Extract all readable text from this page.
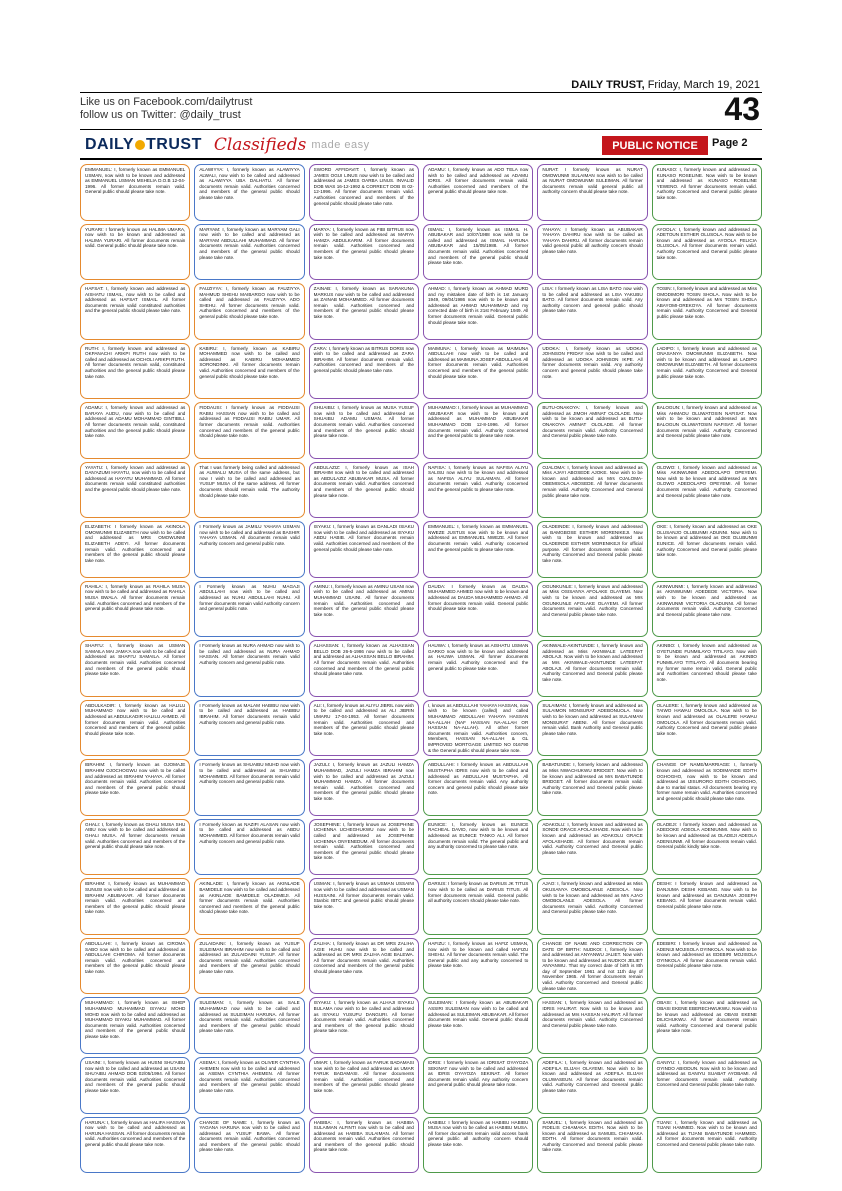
DAILY TRUST, Friday, March 19, 2021
Like us on Facebook.com/dailytrust
follow us on Twitter: @daily_trust	43
DAILY TRUST Classifieds made easy	PUBLIC NOTICE	Page 2
EMMANUEL: I, formerly known as EMMANUEL USMAN, now wish to be known and addressed as EMMANUEL USMAN MSHELIA D.O.B 12-04-1996. All former documents remain valid. General public should please take note.
YURARI: I formerly known as HALIMA UMARA, now wish to be known and addressed as HALIMA YURARI. All former documents remain valid. General public should please take note.
HAFSAT: I, formerly known and addressed as AISHATU ISMAIL, now wish to be called and addressed as HAFSAT ISMAIL. All former documents remain valid constituted authorities and the general public should please take note.
RUTH: I, formerly known and addressed as OKPANACHI ARIKPI RUTH now wish to be called and addressed as OCHOLI ARIKPI RUTH. All former documents remain valid, constituted authorities and the general public should please take note.
ADAMU: I, formerly known and addressed as BARAYA AUDU, now wish to be called and addressed as ADAMU MOHAMMAD GINTIBILI. All former documents remain valid, constituted authorities and the general public should please take note.
YAYATU: I, formerly known and addressed as DAN'AZUMI HAYATU, now wish to be called and addressed as HAYATU MUHAMMAD. All former documents remain valid constituted authorities and the general public should please take note.
ELIZABETH: I formerly known as AKINOLA OMOWUNMI ELIZABETH now wish to be called and addressed as MRS OMOWUNMI ELIZABETH ADEYI. All former documents remain valid. Authorities concerned and members of the general public should please take note.
RAHILA: I, formerly known as RAHILA MUSA now wish to be called and addressed as RAHILA MUSA BWALA. All former documents remain valid. Authorities concerned and members of the general public should please take note.
SHAFI'U: I, formerly known as USMAN SAMAILA MAI JAMA'A now wish to be called and addressed as SHAFI'U SAMAILA. All former documents remain valid. Authorities concerned and members of the general public should please take note.
ABDULKADIR: I, formerly known as HALILU MUHAMMAD now wish to be called and addressed as ABDULKADIR HALILU AHMED. All former documents remain valid. Authorities concerned and members of the general public should please take note.
IBRAHIM: I, formerly known as OJOMAJE IBRAHIM OJOCHOGWU now wish to be called and addressed as IBRAHIM YAHAYA. All former documents remain valid. Authorities concerned and members of the general public should please take note.
GHALI: I, formerly known as GHALI MUSA SHU AIBU now wish to be called and addressed as GHALI MUSA. All former documents remain valid. Authorities concerned and members of the general public should please take note.
IBRAHIM: I, formerly known as MUHAMMAD SUNUSI now wish to be called and addressed as IBRAHIM ABUBAKAR. All former documents remain valid. Authorities concerned and members of the general public should please take note.
ABDULLAHI: I, formerly known as CIROMA SABO now wish to be called and addressed as ABDULLAHI CHIROMA. All former documents remain valid. Authorities concerned and members of the general public should please take note.
MUHAMMAD: I, formerly known as ISHEP MUHAMMAD MUHAMMAD ISYAKU MOHD MOHD now wish to be called and addressed as MUHAMMAD ISYAKU MUHAMMAD. All former documents remain valid. Authorities concerned and members of the general public should please take note.
USAINI: I, formerly known as HUSNI SHU'AIBU now wish to be called and addressed as USAINI SHU'AIBU AHMAD DOB 02/05/1994. All former documents remain valid. Authorities concerned and members of the general public should please take note.
HARUNA: I, formerly known as HALIFA HASSAN now wish to be called and addressed as HARUNA HASSAN. All former documents remain valid. Authorities concerned and members of the general public should please take note.
ALAWIYYA: I, formerly known as ALAWIYYA ALWALI, now wish to be called and addressed as ALAWIYYA UBA DALHATU. All former documents remain valid. Authorities concerned and members of the general public should please take note.
MARYAM: I, formerly known as MARYAM GALI now wish to be called and addressed as MARYAM ABDULLAHI MUHAMMAD. All former documents remain valid. Authorities concerned and members of the general public should please take note.
FAUZIYYA: I, formerly known as FAUZIYYA MAHMUD SHEHU MAIBARGO now wish to be called and addressed as FAUZIYYA ADO SHEHU. All former documents remain valid. Authorities concerned and members of the general public should please take note.
KABIRU: I, formerly known as KABIRU MOHAMMED now wish to be called and addressed as KABIRU MOHAMMED SORONDINKI. All former documents remain valid. Authorities concerned and members of the general public should please take note.
FIDDAUSI: I formerly known as FIDDAUSI RABIU HASSAN now wish to be called and addressed as FIDDAUSI RABIU UMAR. All former documents remain valid. Authorities concerned and members of the general public should please take note.
That I was formerly being called and addressed as AUWALU MUSA of the same address, but now I wish to be called and addressed as YUSUF MUSA of the same address. All former documents should remain valid. The authority should please take note.
I Formerly known as JAMILU YAHAYA USMAN now wish to be called and addressed as BASHIR YAHAYA USMAN. All documents remain valid Authority concern and general public note.
I Formerly known as NUHU MAGAJI ABDULLAHI now wish to be called and addressed as NUHU ABDULLAHI NUHU. All former documents remain valid Authority concern and general public note.
I Formerly known as NURA AHMAD now wish to be called and addressed as NURA AHMAD HASSAN. All former documents remain valid Authority concern and general public note.
I Formerly known as MALAM HABIBU now wish to be called and addressed as HABIBU IBRAHIM. All former documents remain valid Authority concern and general public note.
I Formerly known as SHUAIBU MUHD now wish to be called and addressed as SHUAIBU MOHAMMED. All former documents remain valid Authority concern and general public note.
I Formerly known as NAZIFI ALASAN now wish to be called and addressed as ABDU MOHAMMED. All former documents remain valid Authority concern and general public note.
AKINLADE: I, formerly known as AKINLADE BAMIDELE now wish to be called and addressed as AKINLADE BAMIDELE OLADIMEJI. All former documents remain valid. Authorities concerned and members of the general public should please take note.
ZULAIDAINI: I, formerly known as YUSUF SULEIMAN IBRAHIM now wish to be called and addressed as ZULAIDAINI YUSUF. All former documents remain valid. Authorities concerned and members of the general public should please take note.
SULEIMAN: I, formerly known as SALE MUHAMMAD now wish to be called and addressed as SULEIMAN HARUNA. All former documents remain valid. Authorities concerned and members of the general public should please take note.
ASEMA: I, formerly known as OLIVER CYNTHIA AHEMEN now wish to be called and addressed as ASEMA CYNTHIA AHEMEN. All former documents remain valid. Authorities concerned and members of the general public should please take note.
CHANGE OF NAME: I, formerly known as YAGANA HARUNA now wish to be called and addressed as YUSUF BAWA. All former documents remain valid. Authorities concerned and members of the general public should please take note.
SWORD AFFIDAVIT: I, formerly known as JAMES OGUI LINUS now wish to be called and addressed as JAMES OARBA LINUS. INVALID DOB WAS 16-12-1992 & CORRECT DOB IS 02-12-1996. All former documents remain valid. Authorities concerned and members of the general public should please take note.
MARYA: I, formerly known as FIBI BITRUS now wish to be called and addressed as MARYA HAMZA ABDULKARIM. All former documents remain valid. Authorities concerned and members of the general public should please take note.
ZAINAB: I, formerly known as SARAKUNA MARKUS now wish to be called and addressed as ZAINAB MOHAMMED. All former documents remain valid. Authorities concerned and members of the general public should please take note.
ZARA: I, formerly known as BITRUS DORIS now wish to be called and addressed as ZARA IBRAHIM. All former documents remain valid. Authorities concerned and members of the general public should please take note.
SHUAIBU: I, formerly known as MUSA YUSUF now wish to be called and addressed as SHUAIBU ADAMU USMAN. All former documents remain valid. Authorities concerned and members of the general public should please take note.
ABDULAZIZ: I, formerly known as ISAH IBRAHIM now wish to be called and addressed as ABDULAZIZ ABUBAKAR MUSA. All former documents remain valid. Authorities concerned and members of the general public should please take note.
ISYAKU: I, formerly known as DANLADI ISIAKU now wish to be called and addressed as ISYAKU ABDU HABIB. All former documents remain valid. Authorities concerned and members of the general public should please take note.
AMINU: I, formerly known as AMINU USANI now wish to be called and addressed as AMINU MUHAMMAD USAINI. All former documents remain valid. Authorities concerned and members of the general public should please take note.
ALHASSAN: I, formerly known as ALHASSAN BELLO DOB 26-5-1986 now wish to be called and addressed as ALHASSAN BELLO IBRAHIM. All former documents remain valid. Authorities concerned and members of the general public should please take note.
ALI: I, formerly known as ALIYU JIBRIL now wish to be called and addressed as ALI JIBRIN UMARU 17-04-1953. All former documents remain valid. Authorities concerned and members of the general public should please take note.
JAZULI: I, formerly known as JAZULI HAMZA MUHAMMAD, JAZULI HAMZA IBRAHIM now wish to be called and addressed as JAZULI MUHAMMAD HAMZA. All former documents remain valid. Authorities concerned and members of the general public should please take note.
JOSEPHINE: I, formerly known as JOSEPHINE UCHENNA UCHEGHUKWU now wish to be called and addressed as JOSEPHINE UCHENNA ONYENEDUM. All former documents remain valid. Authorities concerned and members of the general public should please take note.
USMAN: I, formerly known as USMAN USSAINI now wish to be called and addressed as USMAN HUSSAINI. All former documents remain valid. Stanbic IBTC and general public should please take note.
ZALIHA: I, formerly known as DR MRS ZALIHA AGIE HUHU now wish to be called and addressed as DR MRS ZALIHA AGIE BALEWA. All former documents remain valid. Authorities concerned and members of the general public should please take note.
ISYAKU: I, formerly known as ALHAJI ISYAKU BULAMA now wish to be called and addressed as ISYAKU YUSUFU DANGURI. All former documents remain valid. Authorities concerned and members of the general public should please take note.
UMAR: I, formerly known as FARUK BADAMASI now wish to be called and addressed as UMAR FARUK BADAMASI. All former documents remain valid. Authorities concerned and members of the general public should please take note.
HABIBA: I, formerly known as HABIBA SULAIMAN ALFINTI now wish to be called and addressed as HABIBA SULAIMAN. All former documents remain valid. Authorities concerned and members of the general public should please take note.
ADAMU: I, formerly known as ADO TELA now wish to be called and addressed as ADAMU IDRIS. All former documents remain valid. Authorities concerned and members of the general public should please take note.
ISMAIL: I, formerly known as ISMAIL H. ABUBAKAR and 10/07/1988 now wish to be called and addressed as ISMAIL HARUNA ABUBAKAR and 15/05/1988. All former documents remain valid. Authorities concerned and members of the general public should please take note.
AHMAD: I, formerly known as AHMAD MURD and my mistaken date of birth is 1st January 1949, 09/04/1986 now wish to be known and addressed as AHMAD MUHAMMAD and my corrected date of birth is 21st February 1949. All former documents remain valid. General public should please take note.
MAIMUNA: I, formerly known as MAIMUNA ABDULLAHI now wish to be called and addressed as MAIMUNA JOSEF ABDULLAHI. All former documents remain valid. Authorities concerned and members of the general public should please take note.
MUHAMMAD: I, formerly known as MUHAMMAD ABUBAKAR now wish to be known and addressed as MUHAMMAD ABUBAKAR MUHAMMAD DOB 12-8-1996. All former documents remain valid. Authority concerned and the general public to please take note.
NAFISA: I, formerly known as NAFISA ALIYU SALISU now wish to be known and addressed as NAFISA ALIYU SULAIMAN. All former documents remain valid. Authority concerned and the general public to please take note.
EMMANUEL: I, formerly known as EMMANUEL NWEZE JUSTUS now wish to be known and addressed as EMMANUEL NWEZE. All former documents remain valid. Authority concerned and the general public to please take note.
DAUDA: I formerly known as DAUDA MUHAMMED AHMED now wish to be known and addressed as DAUDA MUHAMMED AHMAD. All former documents remain valid. General public should please take note.
HAUWA: I, formerly known as AISHATU USMAN GARKO now wish to be known and addressed as HAUWA USMAN. All former documents remain valid. Authority concerned and the general public to please take note.
I, known as ABDULLAHI YAHAYA HASSAN, now wish to be known (called) and called MUHAMMAD ABDULLAHI YAHAYA HASSAN NA-ALLAH (NAF HASSAN NA-ALLAH OR HASSAN NA-ALLAH). All other former documents remain valid. Authorities concern, Members, HASSAN NA-ALLAH & GL IMPROVED MORTGAGE LIMITED NO 016790 & the General public should please take note.
ABDULLAHI: I formerly known as ABDULLAHI MUSTAPHA IDRIS now wish to be called and addressed as ABDULLAHI MUSTAPHA. All former documents remain valid. Any authority concern and general public should please take note.
EUNICE: I, formerly known as EUNICE RACHEAL DAVID, now wish to be known and addressed as EUNICE TANKO ALI. All former documents remain valid. The general public and any authority concerned to please take note.
DARIUS: I formerly known as DARIUS JK TITUS now wish to be called as DARIUS TITUS. All former documents remain valid. General public all authority concern should please take note.
HAFIZU: I, formerly known as HAFIZ USMAN, now wish to be known and called HAFIZU SHEHU. All former documents remain valid. The General public and any authority concerned to please take note.
SULEIMAN: I formerly known as ABUBAKAR ASSIRI SULEIMAN now wish to be called and addressed as SULEIMAN ABUBAKAR. All former documents remain valid. General public should please take note.
IDRIS: I formerly known as IDRISAT OYAYOZA SEKINAT now wish to be called and addressed as IDRIS OYAYOZA SEKINAT. All former documents remain valid. Any authority concern and general public should please take note.
HABIBU: I formerly known as HABIBU HABIBU MUSA now wish to be called as HABIBU MUSA. All former documents remain valid access bank general public all authority concern should please take note.
NURAT: I formerly known as NURAT OMOWUNMI SULAIMAN now wish to be called as NURAT OMOWUNMI SULEIMAN. All former documents remain valid general public all authority concern should please take note.
YAHAYA: I formerly known as ABUBAKAR YAHAYA DAHIRU now wish to be called as YAHAYA DAHIRU. All former documents remain valid general public all authority concern should please take note.
LISA: I formerly known as LISA BATO now wish to be called and addressed as LISA YAKUBU BATO. All former documents remain valid. Any authority concern and general public should please take note.
UDOKA: I, formerly known as UDOKA JOHNSON FRIDAY now wish to be called and addressed as UDOKA JOHNSON IKPE. All former documents remain valid. Any authority concern and general public should please take note.
BUTU-ONAKOYA: I, formerly known and addressed as JIMOH AMINAT OLOLADE. Now wish to be known and addressed as BUTU-ONAKOYA AMINAT OLOLADE. All former documents remain valid. Authority Concerned and General public please take note.
OJALOMA: I, formerly known and addressed as Miss AJAYI ABOSEDE AJOKE. Now wish to be known and addressed as Mrs OJALOMA-OBEMISOLA ABOSEDE. All former documents remain valid. Authority Concerned and General public please take note.
OLADEINDE: I, formerly known and addressed as BAMGBOSE ESTHER MORENIKEJI. Now wish to be known and addressed as OLADEINDE ESTHER MORENIKEJI for official purpose. All former documents remain valid. Authority Concerned and General public please take note.
OGUNKUNLE: I, formerly known and addressed as Miss OSISANYA AFOLAKE OLAYEMI. Now wish to be known and addressed as Mrs OGUNKUNLE AFOLAKE OLAYEMI. All former documents remain valid. Authority Concerned and General public please take note.
AKINWALE-AKINTUNDE: I, formerly known and addressed as Miss AKINWALE LATEEFAT ABOLAJI. Now wish to be known and addressed as Mrs AKINWALE-AKINTUNDE LATEEFAT ABOLAJI. All former documents remain valid. Authority Concerned and General public please take note.
SULAIMAN: I, formerly known and addressed as SULAIMON MONSURAT ADEBONUOLA. Now wish to be known and addressed as SULAIMAN MONSURAT ABENI. All former documents remain valid. Bank Authority and General public please take note.
BABATUNDE: I, formerly known and addressed as Miss NWACHUKWU BRIDGET. Now wish to be known and addressed as Mrs BABATUNDE BRIDGET. All former documents remain valid. Authority Concerned and General public please take note.
ADAKOLU: I, formerly known and addressed as SONDE GRACE AFOLASHADE. Now wish to be known and addressed as ADAKOLU GRACE AFOLASHADE. All former documents remain valid. Authority Concerned and General public please take note.
AJAO: I, formerly known and addressed as Miss OKUSANYA OMOBOLANLE ADESOLA. Now wish to be known and addressed as Mrs AJAO OMOBOLANLE ADESOLA. All former documents remain valid. Authority Concerned and General public please take note.
CHANGE OF NAME AND CORRECTION OF DATE OF BIRTH: NUDKOI: I, formerly known and addressed as ANYANWU JALIET. Now wish to be known and addressed as NUDKOI JELIET ANYANWU. That my correct date of birth is 8th day of September 1961 and not 11th day of November 1965. All former documents remain valid. Authority Concerned and General public please take note.
HASSAN: I, formerly known and addressed as IDRIS HALIRAT. Now wish to be known and addressed as Mrs HASSAN HALIRAT. All former documents remain valid. Authority Concerned and General public please take note.
ADEFILA: I, formerly known and addressed as ADEFILA ELIJAH OLAYEMI. Now wish to be known and addressed as ADEFILA ELIJAH OLUWASEUN. All former documents remain valid. Authority Concerned and General public please take note.
SAMUEL: I, formerly known and addressed as FIDELIS CHIAMAKA EDITH. Now wish to be known and addressed as SAMUEL CHIAMAKA EDITH. All former documents remain valid. Authority Concerned and General public please take note.
KUNASO: I, formerly known and addressed as KUNASO ROSELINE. Now wish to be known and addressed as KUNASO ROSELINE YEWENO. All former documents remain valid. Authority Concerned and General public please take note.
AYOOLA: I, formerly known and addressed as ADETOUN ESTHER OLUSOLA. Now wish to be known and addressed as AYOOLA FELICIA OLUSOLA. All former documents remain valid. Authority Concerned and General public please take note.
TOSIN: I, formerly known and addressed as Miss OMODIMORI TOSIN SHOLA. Now wish to be known and addressed as Mrs TOSIN SHOLA ABAYOMI-OREKOYA. All former documents remain valid. Authority Concerned and General public please take note.
LADIPO: I, formerly known and addressed as ONASANYA OMOWUNMI ELIZABETH. Now wish to be known and addressed as LADIPO OMOWUNMI ELIZABETH. All former documents remain valid. Authority Concerned and General public please take note.
BALOGUN: I, formerly known and addressed as Miss AHMADU OLUWATOSIN NAFISAT. Now wish to be known and addressed as Mrs BALOGUN OLUWATOSIN NAFISAT. All former documents remain valid. Authority Concerned and General public please take note.
OLOWO: I, formerly known and addressed as Miss AKINWUNMI ADEDOLAPO OPEYEMI. Now wish to be known and addressed as Mrs OLOWO ADEDOLAPO OPEYEMI. All former documents remain valid. Authority Concerned and General public please take note.
OKE: I, formerly known and addressed as OKE OLUSANJO OLUBUNMI ADUNNI. Now wish to be known and addressed as OKE OLUBUNMI EUNICE. All former documents remain valid. Authority Concerned and General public please take note.
AKINWUNMI: I, formerly known and addressed as AKINWUNMI ADEDEDE VICTORIA. Now wish to be known and addressed as AKINWUNMI VICTORIA OLADUNNI. All former documents remain valid. Authority Concerned and General public please take note.
AKINBO: I, formerly known and addressed as OYETUNDE FUNMILAYO TITILAYO. Now wish to be known and addressed as AKINBO FUNMILAYO TITILAYO. All documents bearing my former name remain valid. General public and Authorities concerned should please take note.
OLALERE: I, formerly known and addressed as TAIWO HAWAU OMOLOLA. Now wish to be known and addressed as OLALERE HAWAU OMOLOLA. All former documents remain valid. Authority Concerned and General public please take note.
CHANGE OF NAME/MARRIAGE: I, formerly known and addressed as SODIMANDE EDITH OGHOGHO, now wish to be known and addressed as IJISURORO EDITH OGHOGHO, due to marital status. All documents bearing my former name remain valid. Authorities concerned and general public should please take note.
OLADEJI: I formerly known and addressed as ADEDOKE ADEOLA ADENIUNMI. Now wish to be known and addressed as OLADEJI ADEOLA ADENIUNMI. All former documents remain valid. General public kindly take note.
DESHI: I formerly known and addressed as DANJUMA DESHI KEBANG. Now wish to be known and addressed as DANJUMA JOSEPH KEBANG. All former documents remain valid. General public please take note.
EDEBIRI: I formerly known and addressed as ADENIJI MOJISOLA OYINKOLA. Now wish to be known and addressed as EDEBIRI MOJISOLA OYINKOLA. All former documents remain valid. General public please take note.
OBASI: I, formerly known and addressed as OBASI EKENE EBERECHWUKWU. Now wish to be known and addressed as OBASI EKENE DILICHUKWU. All former documents remain valid. Authority Concerned and General public please take note.
GANIYU: I, formerly known and addressed as OYINDO ABIODUN. Now wish to be known and addressed as GANIYU SUABAT AYOBAMI. All former documents remain valid. Authority Concerned and General public please take note.
TIJANI: I, formerly known and addressed as TIJANI HAMMED. Now wish to be known and addressed as TIJANI BABATUNDE HAMMED. All former documents remain valid. Authority Concerned and General public please take note.
